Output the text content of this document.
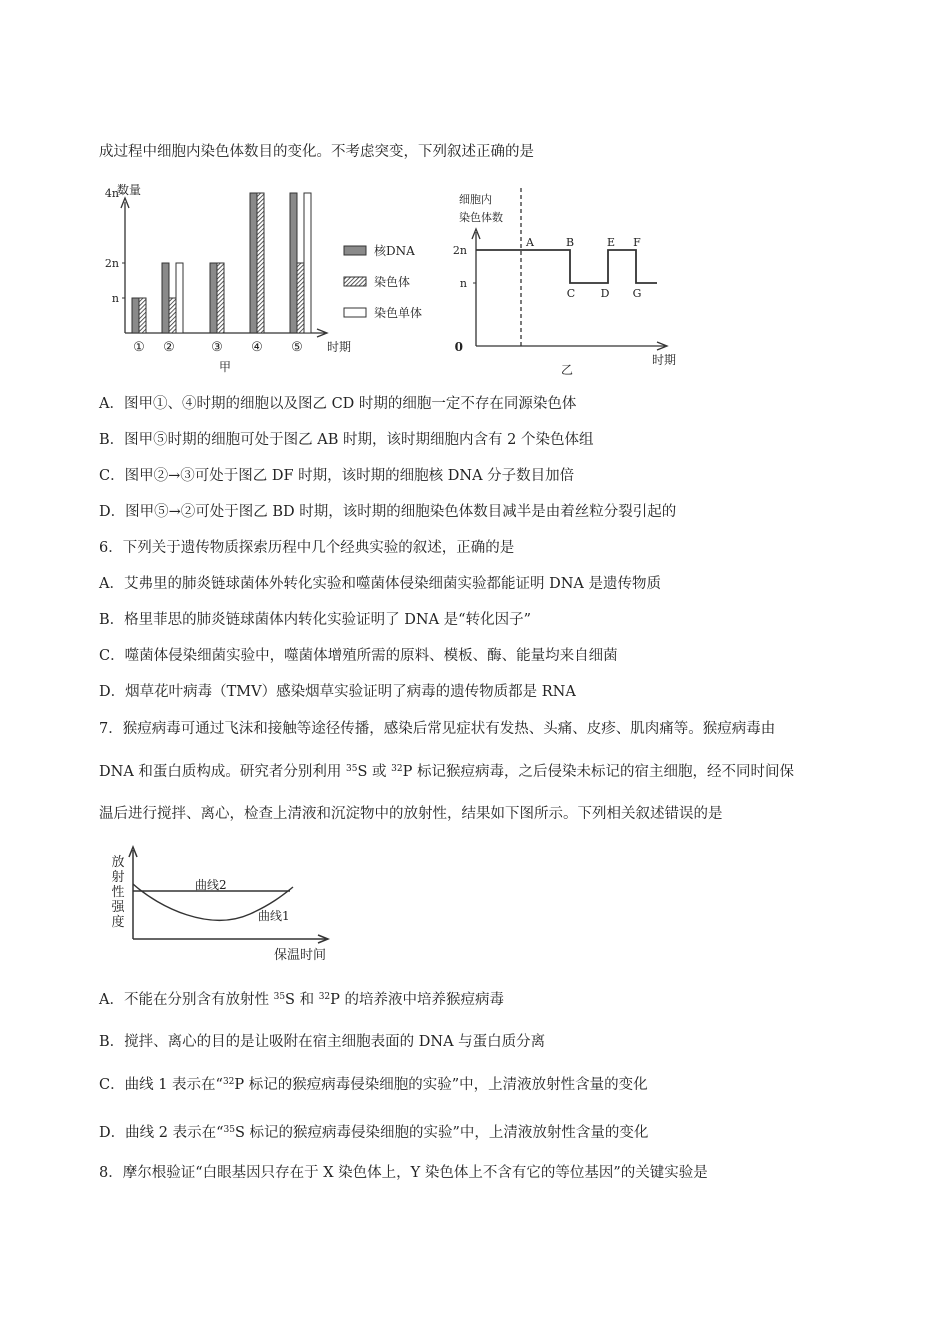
成过程中细胞内染色体数目的变化。不考虑突变，下列叙述正确的是
数量
4n
2n
n
① ②	③ ④ ⑤ 时期
甲
核DNA
染色体
染色单体
细胞内
染色体数
2n
n
0
A	B	E F
C D G
时期
乙
A．图甲①、④时期的细胞以及图乙 CD 时期的细胞一定不存在同源染色体
B．图甲⑤时期的细胞可处于图乙 AB 时期，该时期细胞内含有 2 个染色体组
C．图甲②→③可处于图乙 DF 时期，该时期的细胞核 DNA 分子数目加倍
D．图甲⑤→②可处于图乙 BD 时期，该时期的细胞染色体数目减半是由着丝粒分裂引起的
6．下列关于遗传物质探索历程中几个经典实验的叙述，正确的是
A．艾弗里的肺炎链球菌体外转化实验和噬菌体侵染细菌实验都能证明 DNA 是遗传物质
B．格里菲思的肺炎链球菌体内转化实验证明了 DNA 是“转化因子”
C．噬菌体侵染细菌实验中，噬菌体增殖所需的原料、模板、酶、能量均来自细菌
D．烟草花叶病毒（TMV）感染烟草实验证明了病毒的遗传物质都是 RNA
7．猴痘病毒可通过飞沫和接触等途径传播，感染后常见症状有发热、头痛、皮疹、肌肉痛等。猴痘病毒由
DNA 和蛋白质构成。研究者分别利用 $^{35}$S 或 $^{32}$P 标记猴痘病毒，之后侵染未标记的宿主细胞，经不同时间保
温后进行搅拌、离心，检查上清液和沉淀物中的放射性，结果如下图所示。下列相关叙述错误的是
放
射
性
强
度
保温时间
曲线2
曲线1
A．不能在分别含有放射性 $^{35}$S 和 $^{32}$P 的培养液中培养猴痘病毒
B．搅拌、离心的目的是让吸附在宿主细胞表面的 DNA 与蛋白质分离
C．曲线 1 表示在“$^{32}$P 标记的猴痘病毒侵染细胞的实验”中，上清液放射性含量的变化
D．曲线 2 表示在“$^{35}$S 标记的猴痘病毒侵染细胞的实验”中，上清液放射性含量的变化
8．摩尔根验证“白眼基因只存在于 X 染色体上，Y 染色体上不含有它的等位基因”的关键实验是
